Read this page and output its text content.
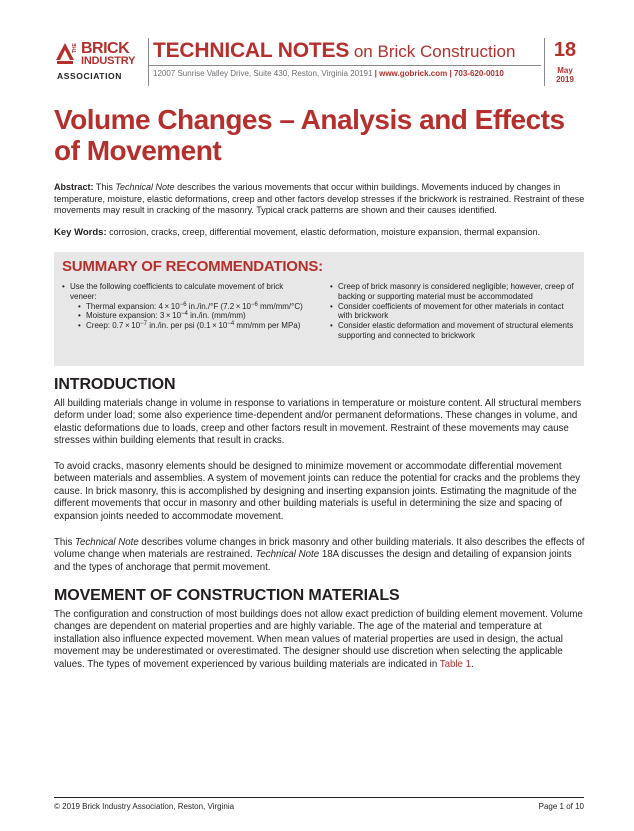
THE BRICK
INDUSTRY
ASSOCIATION
TECHNICAL NOTES on Brick Construction
12007 Sunrise Valley Drive, Suite 430, Reston, Virginia 20191 | www.gobrick.com | 703-620-0010
18
May
2019
Volume Changes – Analysis and Effects
of Movement

Abstract: This Technical Note describes the various movements that occur within buildings. Movements induced by changes in temperature, moisture, elastic deformations, creep and other factors develop stresses if the brickwork is restrained. Restraint of these movements may result in cracking of the masonry. Typical crack patterns are shown and their causes identified.

Key Words: corrosion, cracks, creep, differential movement, elastic deformation, moisture expansion, thermal expansion.

SUMMARY OF RECOMMENDATIONS:
• Use the following coefficients to calculate movement of brick veneer:
• Thermal expansion: $4 \times 10^{-6}$ in./in./°F ($7.2 \times 10^{-6}$ mm/mm/°C)
• Moisture expansion: $3 \times 10^{-4}$ in./in. (mm/mm)
• Creep: $0.7 \times 10^{-7}$ in./in. per psi ($0.1 \times 10^{-4}$ mm/mm per MPa)
• Creep of brick masonry is considered negligible; however, creep of backing or supporting material must be accommodated
• Consider coefficients of movement for other materials in contact with brickwork
• Consider elastic deformation and movement of structural elements supporting and connected to brickwork
INTRODUCTION

All building materials change in volume in response to variations in temperature or moisture content. All structural members deform under load; some also experience time-dependent and/or permanent deformations. These changes in volume, and elastic deformations due to loads, creep and other factors result in movement. Restraint of these movements may cause stresses within building elements that result in cracks.

To avoid cracks, masonry elements should be designed to minimize movement or accommodate differential movement between materials and assemblies. A system of movement joints can reduce the potential for cracks and the problems they cause. In brick masonry, this is accomplished by designing and inserting expansion joints. Estimating the magnitude of the different movements that occur in masonry and other building materials is useful in determining the size and spacing of expansion joints needed to accommodate movement.

This Technical Note describes volume changes in brick masonry and other building materials. It also describes the effects of volume change when materials are restrained. Technical Note 18A discusses the design and detailing of expansion joints and the types of anchorage that permit movement.

MOVEMENT OF CONSTRUCTION MATERIALS

The configuration and construction of most buildings does not allow exact prediction of building element movement. Volume changes are dependent on material properties and are highly variable. The age of the material and temperature at installation also influence expected movement. When mean values of material properties are used in design, the actual movement may be underestimated or overestimated. The designer should use discretion when selecting the applicable values. The types of movement experienced by various building materials are indicated in Table 1.

© 2019 Brick Industry Association, Reston, Virginia	Page 1 of 10
